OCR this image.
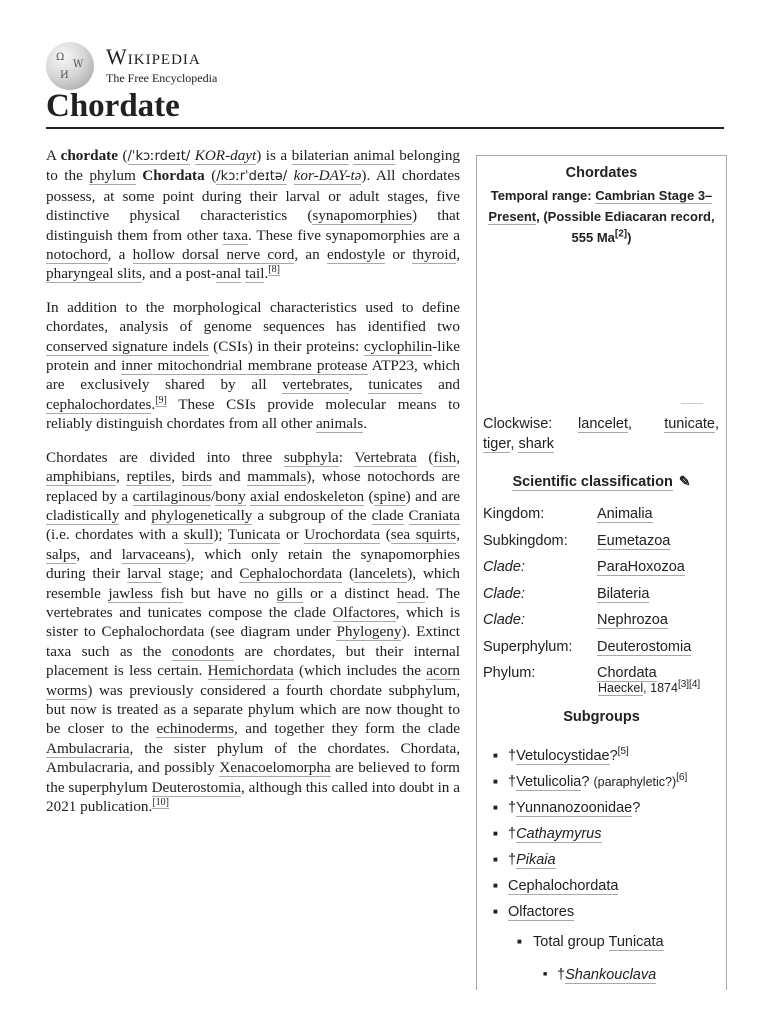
Ω
W
И
Wikipedia
The Free Encyclopedia
Chordate

A chordate (/ˈkɔːrdeɪt/ KOR-dayt) is a bilaterian animal belonging to the phylum Chordata (/kɔːrˈdeɪtə/ kor-DAY-tə). All chordates possess, at some point during their larval or adult stages, five distinctive physical characteristics (synapomorphies) that distinguish them from other taxa. These five synapomorphies are a notochord, a hollow dorsal nerve cord, an endostyle or thyroid, pharyngeal slits, and a post-anal tail.[8]

In addition to the morphological characteristics used to define chordates, analysis of genome sequences has identified two conserved signature indels (CSIs) in their proteins: cyclophilin-like protein and inner mitochondrial membrane protease ATP23, which are exclusively shared by all vertebrates, tunicates and cephalochordates.[9] These CSIs provide molecular means to reliably distinguish chordates from all other animals.

Chordates are divided into three subphyla: Vertebrata (fish, amphibians, reptiles, birds and mammals), whose notochords are replaced by a cartilaginous/bony axial endoskeleton (spine) and are cladistically and phylogenetically a subgroup of the clade Craniata (i.e. chordates with a skull); Tunicata or Urochordata (sea squirts, salps, and larvaceans), which only retain the synapomorphies during their larval stage; and Cephalochordata (lancelets), which resemble jawless fish but have no gills or a distinct head. The vertebrates and tunicates compose the clade Olfactores, which is sister to Cephalochordata (see diagram under Phylogeny). Extinct taxa such as the conodonts are chordates, but their internal placement is less certain. Hemichordata (which includes the acorn worms) was previously considered a fourth chordate subphylum, but now is treated as a separate phylum which are now thought to be closer to the echinoderms, and together they form the clade Ambulacraria, the sister phylum of the chordates. Chordata, Ambulacraria, and possibly Xenacoelomorpha are believed to form the superphylum Deuterostomia, although this called into doubt in a 2021 publication.[10]

Chordates
Temporal range: Cambrian Stage 3–Present, (Possible Ediacaran record, 555 Ma[2])
Clockwise:    lancelet,     tunicate, tiger, shark
Scientific classification ✎
Kingdom:	Animalia
Subkingdom:	Eumetazoa
Clade:	ParaHoxozoa
Clade:	Bilateria
Clade:	Nephrozoa
Superphylum:	Deuterostomia
Phylum:	Chordata
Haeckel, 1874[3][4]
Subgroups
■ †Vetulocystidae?[5]
■ †Vetulicolia? (paraphyletic?)[6]
■ †Yunnanozoonidae?
■ †Cathaymyrus
■ †Pikaia
■ Cephalochordata
■ Olfactores
■ Total group Tunicata
■ †Shankouclava
